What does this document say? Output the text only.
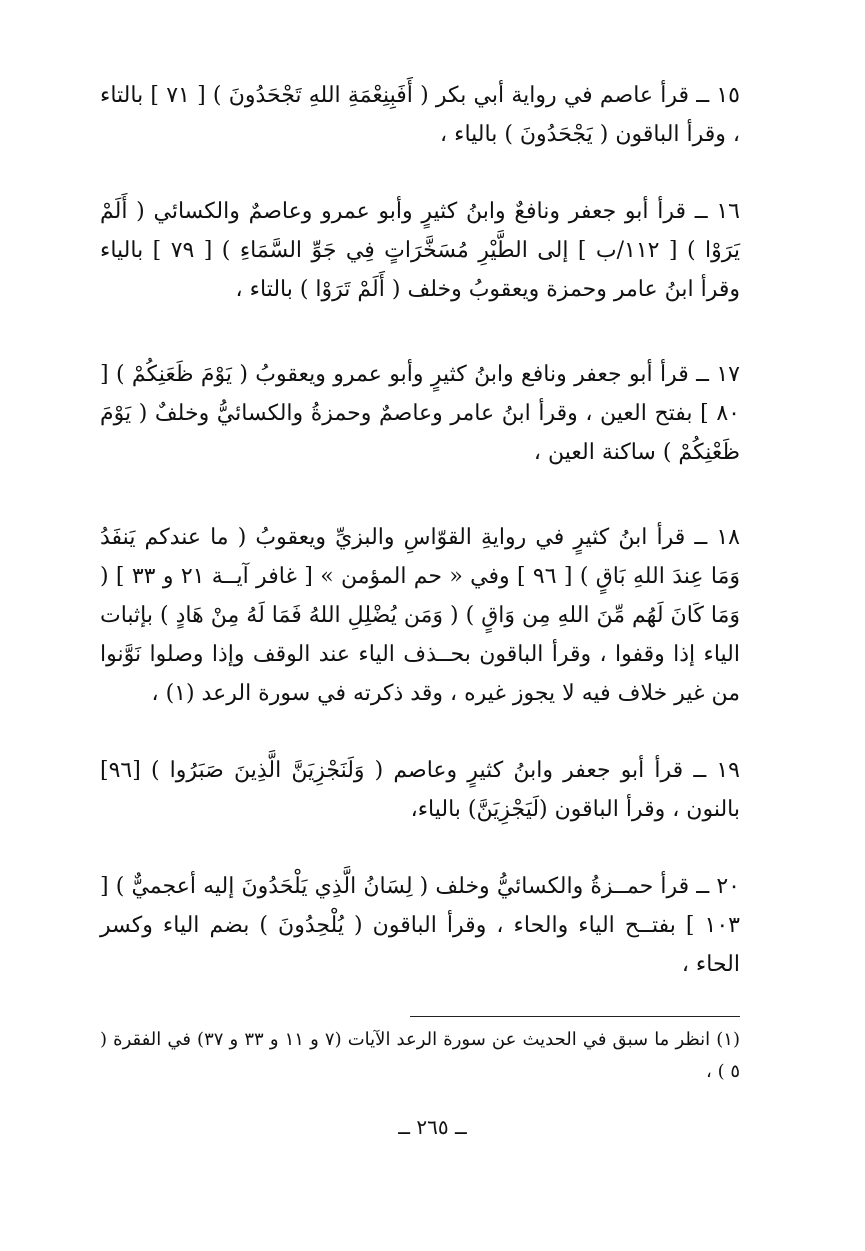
١٥ ــ قرأ عاصم في رواية أبي بكر ( أَفَبِنِعْمَةِ اللهِ تَجْحَدُونَ ) [ ٧١ ] بالتاء ، وقرأ الباقون ( يَجْحَدُونَ ) بالياء ،

١٦ ــ قرأ أبو جعفر ونافعٌ وابنُ كثيرٍ وأبو عمرو وعاصمٌ والكسائي ( أَلَمْ يَرَوْا ) [ ١١٢/ب ] إلى الطَّيْرِ مُسَخَّرَاتٍ فِي جَوِّ السَّمَاءِ ) [ ٧٩ ] بالياء وقرأ ابنُ عامر وحمزة ويعقوبُ وخلف ( أَلَمْ تَرَوْا ) بالتاء ،

١٧ ــ قرأ أبو جعفر ونافع وابنُ كثيرٍ وأبو عمرو ويعقوبُ ( يَوْمَ ظَعَنِكُمْ ) [ ٨٠ ] بفتح العين ، وقرأ ابنُ عامر وعاصمٌ وحمزةُ والكسائيُّ وخلفٌ ( يَوْمَ ظَعْنِكُمْ ) ساكنة العين ،

١٨ ــ قرأ ابنُ كثيرٍ في روايةِ القوّاسِ والبزيِّ ويعقوبُ ( ما عندكم يَنفَدُ وَمَا عِندَ اللهِ بَاقٍ ) [ ٩٦ ] وفي « حم المؤمن » [ غافر آيــة ٢١ و ٣٣ ] ( وَمَا كَانَ لَهُم مِّنَ اللهِ مِن وَاقٍ ) ( وَمَن يُضْلِلِ اللهُ فَمَا لَهُ مِنْ هَادٍ ) بإثبات الياء إذا وقفوا ، وقرأ الباقون بحــذف الياء عند الوقف وإذا وصلوا نَوَّنوا من غير خلاف فيه لا يجوز غيره ، وقد ذكرته في سورة الرعد (١) ،

١٩ ــ قرأ أبو جعفر وابنُ كثيرٍ وعاصم ( وَلَنَجْزِيَنَّ الَّذِينَ صَبَرُوا ) [٩٦] بالنون ، وقرأ الباقون (لَيَجْزِيَنَّ) بالياء،

٢٠ ــ قرأ حمــزةُ والكسائيُّ وخلف ( لِسَانُ الَّذِي يَلْحَدُونَ إليه أعجميٌّ ) [ ١٠٣ ] بفتــح الياء والحاء ، وقرأ الباقون ( يُلْحِدُونَ ) بضم الياء وكسر الحاء ،

(١) انظر ما سبق في الحديث عن سورة الرعد الآيات (٧ و ١١ و ٣٣ و ٣٧) في الفقرة ( ٥ ) ،

ــ ٢٦٥ ــ
